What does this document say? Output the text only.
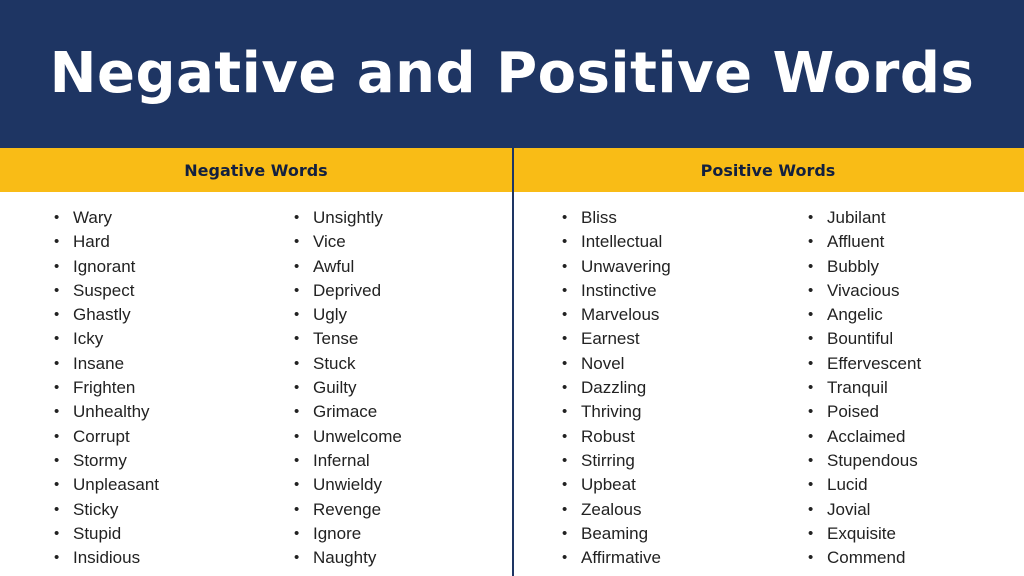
Negative and Positive Words
Negative Words	Positive Words
• Wary
• Hard
• Ignorant
• Suspect
• Ghastly
• Icky
• Insane
• Frighten
• Unhealthy
• Corrupt
• Stormy
• Unpleasant
• Sticky
• Stupid
• Insidious
• Unsightly
• Vice
• Awful
• Deprived
• Ugly
• Tense
• Stuck
• Guilty
• Grimace
• Unwelcome
• Infernal
• Unwieldy
• Revenge
• Ignore
• Naughty
• Bliss
• Intellectual
• Unwavering
• Instinctive
• Marvelous
• Earnest
• Novel
• Dazzling
• Thriving
• Robust
• Stirring
• Upbeat
• Zealous
• Beaming
• Affirmative
• Jubilant
• Affluent
• Bubbly
• Vivacious
• Angelic
• Bountiful
• Effervescent
• Tranquil
• Poised
• Acclaimed
• Stupendous
• Lucid
• Jovial
• Exquisite
• Commend
